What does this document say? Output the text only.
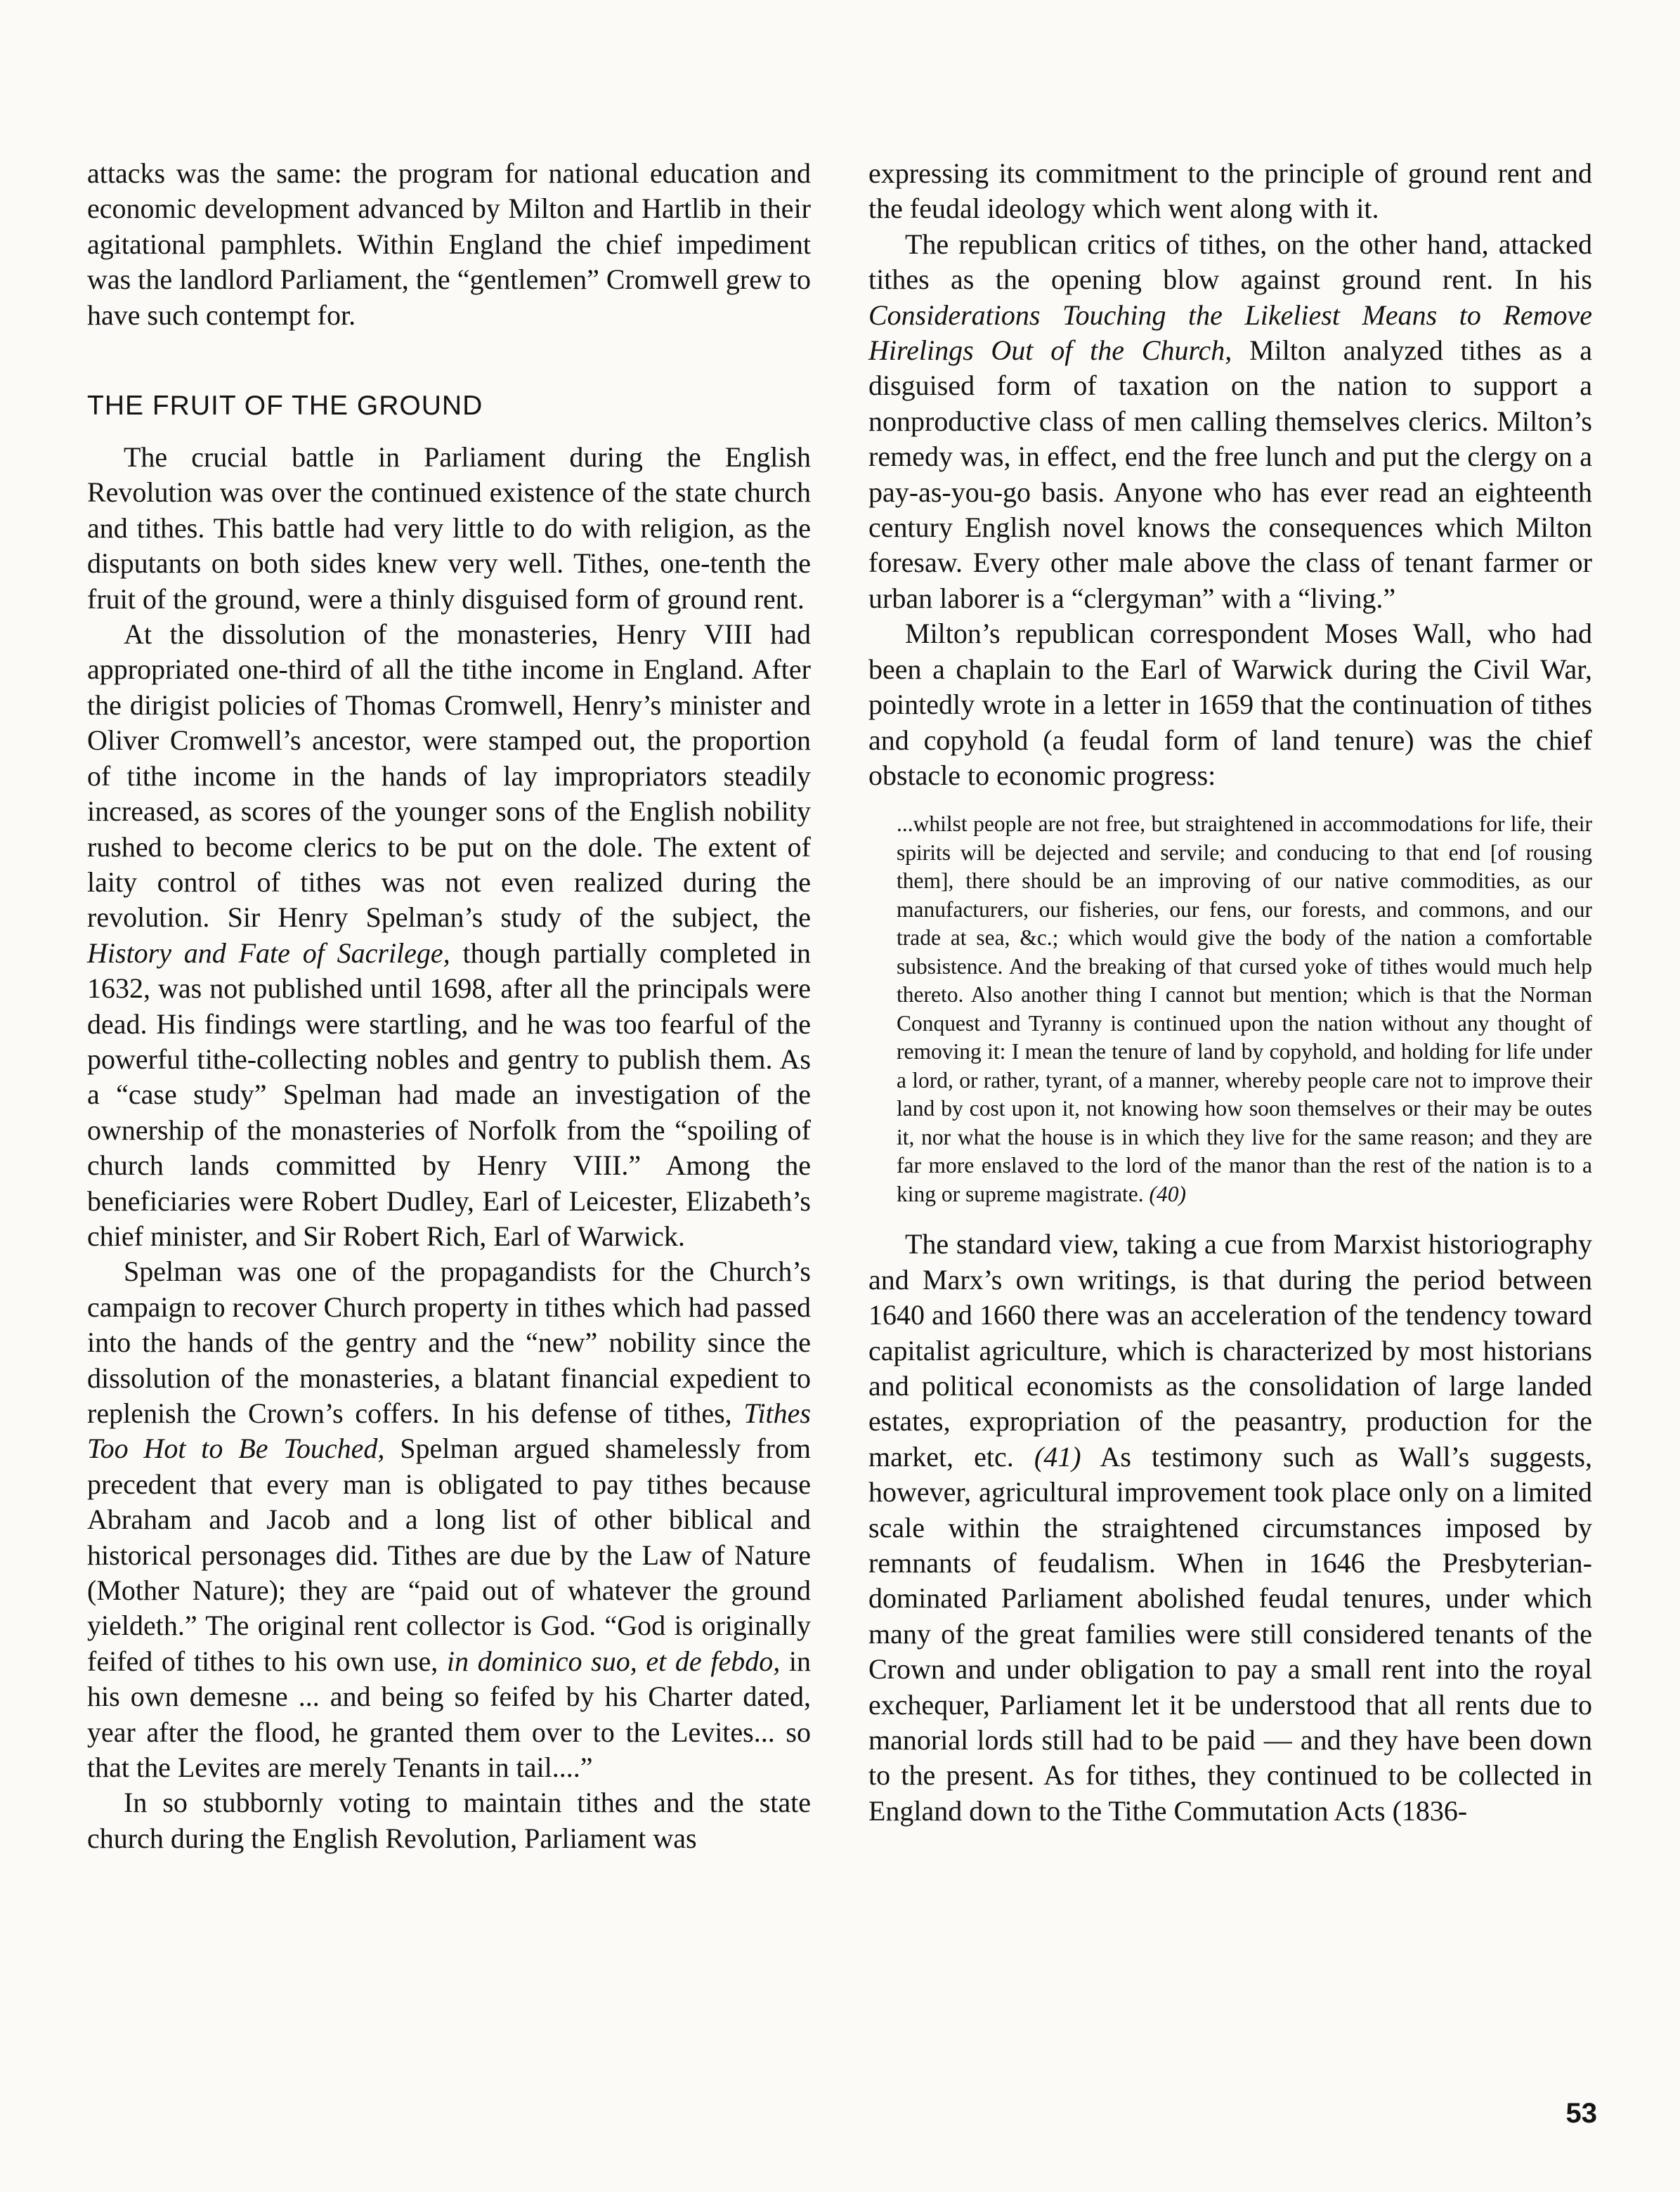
attacks was the same: the program for national education and economic development advanced by Milton and Hartlib in their agitational pamphlets. Within England the chief impediment was the landlord Parliament, the “gentlemen” Cromwell grew to have such contempt for.

THE FRUIT OF THE GROUND

The crucial battle in Parliament during the English Revolution was over the continued existence of the state church and tithes. This battle had very little to do with religion, as the disputants on both sides knew very well. Tithes, one-tenth the fruit of the ground, were a thinly disguised form of ground rent.

At the dissolution of the monasteries, Henry VIII had appropriated one-third of all the tithe income in England. After the dirigist policies of Thomas Cromwell, Henry’s minister and Oliver Cromwell’s ancestor, were stamped out, the proportion of tithe income in the hands of lay impropriators steadily increased, as scores of the younger sons of the English nobility rushed to become clerics to be put on the dole. The extent of laity control of tithes was not even realized during the revolution. Sir Henry Spelman’s study of the subject, the History and Fate of Sacrilege, though partially completed in 1632, was not published until 1698, after all the principals were dead. His findings were startling, and he was too fearful of the powerful tithe-collecting nobles and gentry to publish them. As a “case study” Spelman had made an investigation of the ownership of the monasteries of Norfolk from the “spoiling of church lands committed by Henry VIII.” Among the beneficiaries were Robert Dudley, Earl of Leicester, Elizabeth’s chief minister, and Sir Robert Rich, Earl of Warwick.

Spelman was one of the propagandists for the Church’s campaign to recover Church property in tithes which had passed into the hands of the gentry and the “new” nobility since the dissolution of the monasteries, a blatant financial expedient to replenish the Crown’s coffers. In his defense of tithes, Tithes Too Hot to Be Touched, Spelman argued shamelessly from precedent that every man is obligated to pay tithes because Abraham and Jacob and a long list of other biblical and historical personages did. Tithes are due by the Law of Nature (Mother Nature); they are “paid out of whatever the ground yieldeth.” The original rent collector is God. “God is originally feifed of tithes to his own use, in dominico suo, et de febdo, in his own demesne ... and being so feifed by his Charter dated, year after the flood, he granted them over to the Levites... so that the Levites are merely Tenants in tail....”

In so stubbornly voting to maintain tithes and the state church during the English Revolution, Parliament was

expressing its commitment to the principle of ground rent and the feudal ideology which went along with it.

The republican critics of tithes, on the other hand, attacked tithes as the opening blow against ground rent. In his Considerations Touching the Likeliest Means to Remove Hirelings Out of the Church, Milton analyzed tithes as a disguised form of taxation on the nation to support a nonproductive class of men calling themselves clerics. Milton’s remedy was, in effect, end the free lunch and put the clergy on a pay-as-you-go basis. Anyone who has ever read an eighteenth century English novel knows the consequences which Milton foresaw. Every other male above the class of tenant farmer or urban laborer is a “clergyman” with a “living.”

Milton’s republican correspondent Moses Wall, who had been a chaplain to the Earl of Warwick during the Civil War, pointedly wrote in a letter in 1659 that the continuation of tithes and copyhold (a feudal form of land tenure) was the chief obstacle to economic progress:

...whilst people are not free, but straightened in accommodations for life, their spirits will be dejected and servile; and conducing to that end [of rousing them], there should be an improving of our native commodities, as our manufacturers, our fisheries, our fens, our forests, and commons, and our trade at sea, &c.; which would give the body of the nation a comfortable subsistence. And the breaking of that cursed yoke of tithes would much help thereto. Also another thing I cannot but mention; which is that the Norman Conquest and Tyranny is continued upon the nation without any thought of removing it: I mean the tenure of land by copyhold, and holding for life under a lord, or rather, tyrant, of a manner, whereby people care not to improve their land by cost upon it, not knowing how soon themselves or their may be outes it, nor what the house is in which they live for the same reason; and they are far more enslaved to the lord of the manor than the rest of the nation is to a king or supreme magistrate. (40)

The standard view, taking a cue from Marxist historiography and Marx’s own writings, is that during the period between 1640 and 1660 there was an acceleration of the tendency toward capitalist agriculture, which is characterized by most historians and political economists as the consolidation of large landed estates, expropriation of the peasantry, production for the market, etc. (41) As testimony such as Wall’s suggests, however, agricultural improvement took place only on a limited scale within the straightened circumstances imposed by remnants of feudalism. When in 1646 the Presbyterian-dominated Parliament abolished feudal tenures, under which many of the great families were still considered tenants of the Crown and under obligation to pay a small rent into the royal exchequer, Parliament let it be understood that all rents due to manorial lords still had to be paid — and they have been down to the present. As for tithes, they continued to be collected in England down to the Tithe Commutation Acts (1836-

53
